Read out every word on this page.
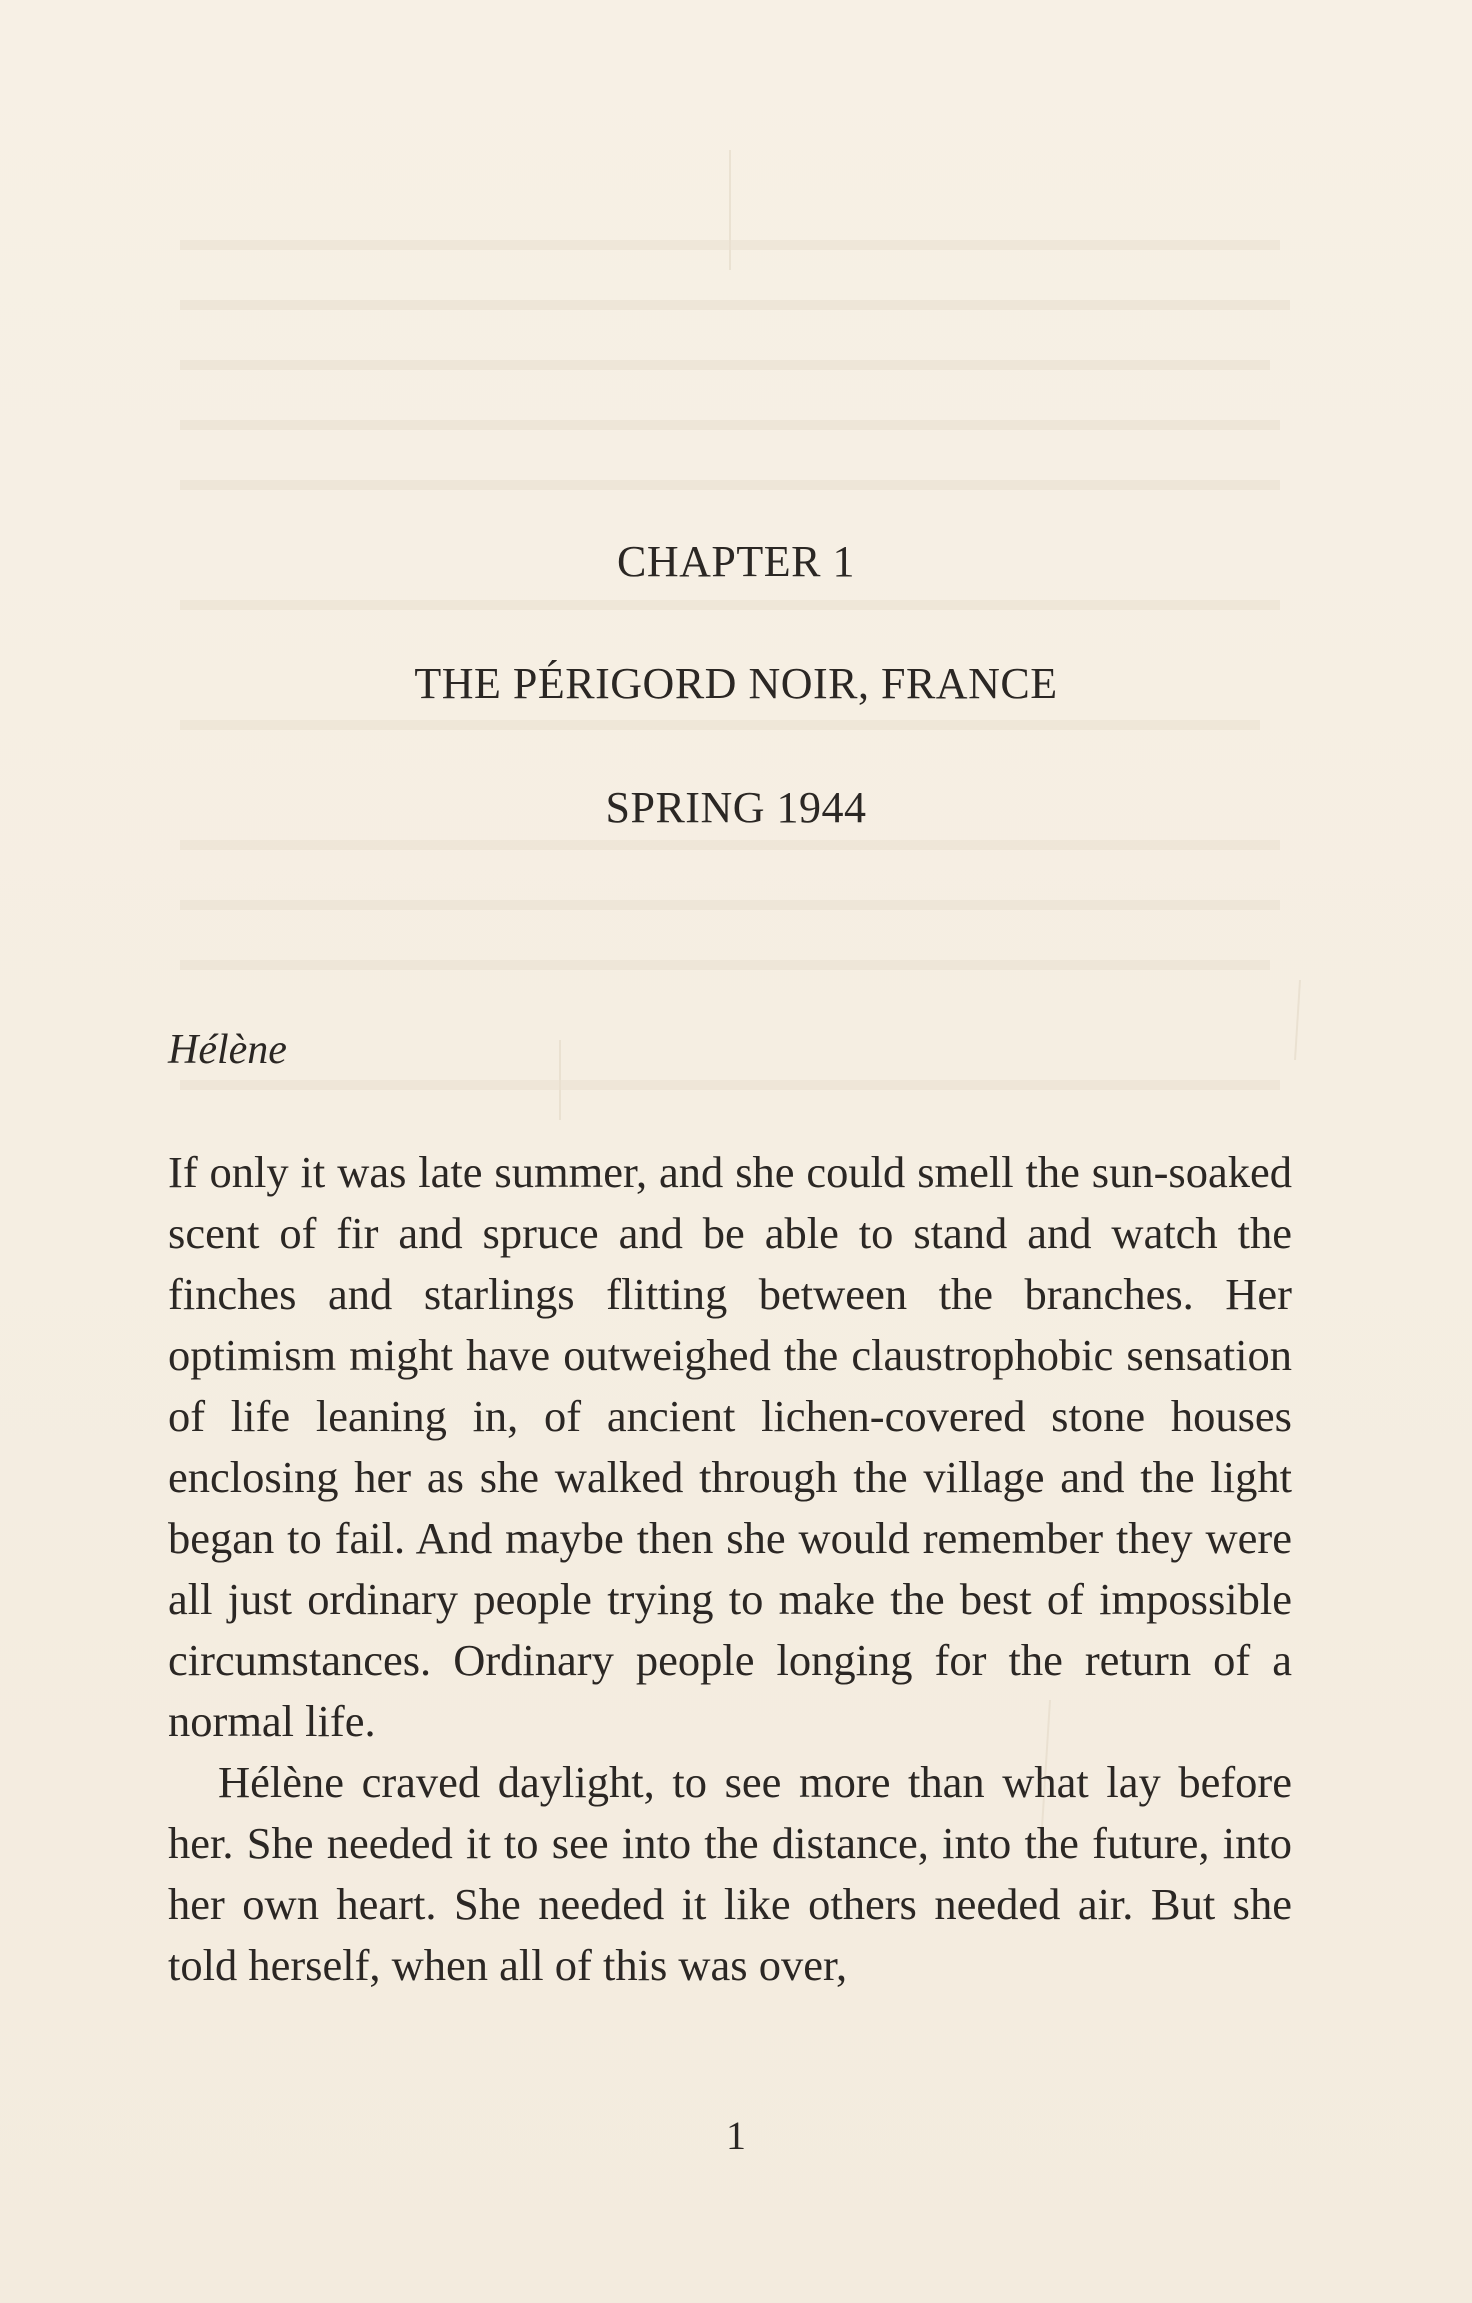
CHAPTER 1
THE PÉRIGORD NOIR, FRANCE
SPRING 1944
Hélène

If only it was late summer, and she could smell the sun-soaked scent of fir and spruce and be able to stand and watch the finches and starlings flitting between the branches. Her optimism might have outweighed the claustrophobic sensation of life leaning in, of ancient lichen-covered stone houses enclosing her as she walked through the village and the light began to fail. And maybe then she would remember they were all just ordinary people trying to make the best of impossible circumstances. Ordinary people longing for the return of a normal life.

Hélène craved daylight, to see more than what lay before her. She needed it to see into the distance, into the future, into her own heart. She needed it like others needed air. But she told herself, when all of this was over,

1
